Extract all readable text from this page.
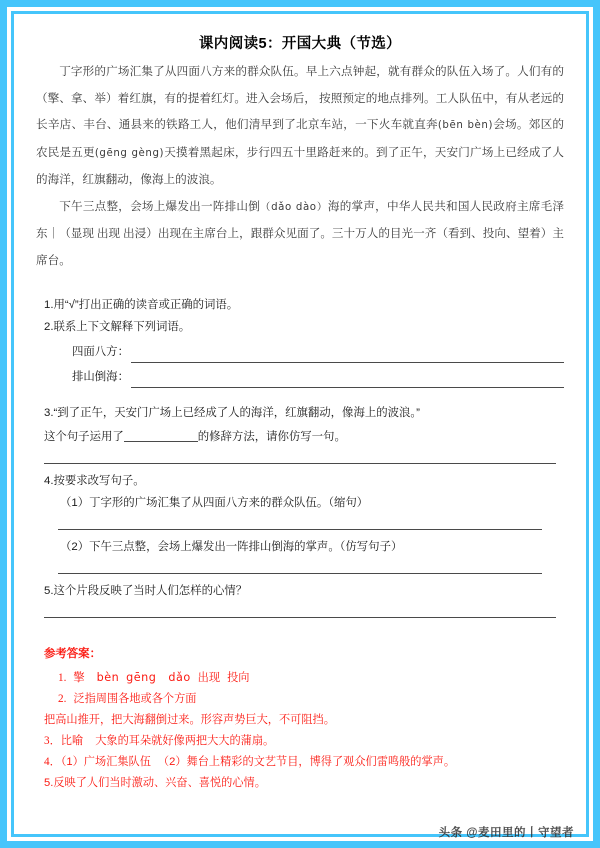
课内阅读5：开国大典（节选）

丁字形的广场汇集了从四面八方来的群众队伍。早上六点钟起，就有群众的队伍入场了。人们有的（擎、拿、举）着红旗，有的提着红灯。进入会场后， 按照预定的地点排列。工人队伍中，有从老远的长辛店、丰台、通县来的铁路工人，他们清早到了北京车站，一下火车就直奔(bēn bèn)会场。郊区的农民是五更(gēng gèng)天摸着黑起床，步行四五十里路赶来的。到了正午，天安门广场上已经成了人的海洋，红旗翻动，像海上的波浪。

下午三点整，会场上爆发出一阵排山倒（dǎo dào）海的掌声，中华人民共和国人民政府主席毛泽东｜（显现 出现 出浸）出现在主席台上，跟群众见面了。三十万人的目光一齐（看到、投向、望着）主席台。

1.用“√”打出正确的读音或正确的词语。

2.联系上下文解释下列词语。

四面八方：
排山倒海：

3.“到了正午，天安门广场上已经成了人的海洋，红旗翻动，像海上的波浪。”

这个句子运用了	的修辞方法，请你仿写一句。

4.按要求改写句子。

（1）丁字形的广场汇集了从四面八方来的群众队伍。（缩句）

（2）下午三点整，会场上爆发出一阵排山倒海的掌声。（仿写句子）

5.这个片段反映了当时人们怎样的心情？

参考答案：

1. 擎 bèn gēng dǎo 出现 投向

2. 泛指周围各地或各个方面

把高山推开，把大海翻倒过来。形容声势巨大，不可阻挡。

3．比喻 大象的耳朵就好像两把大大的蒲扇。

4．（1）广场汇集队伍 （2）舞台上精彩的文艺节目，博得了观众们雷鸣般的掌声。

5.反映了人们当时激动、兴奋、喜悦的心情。

头条 @麦田里的丨守望者
